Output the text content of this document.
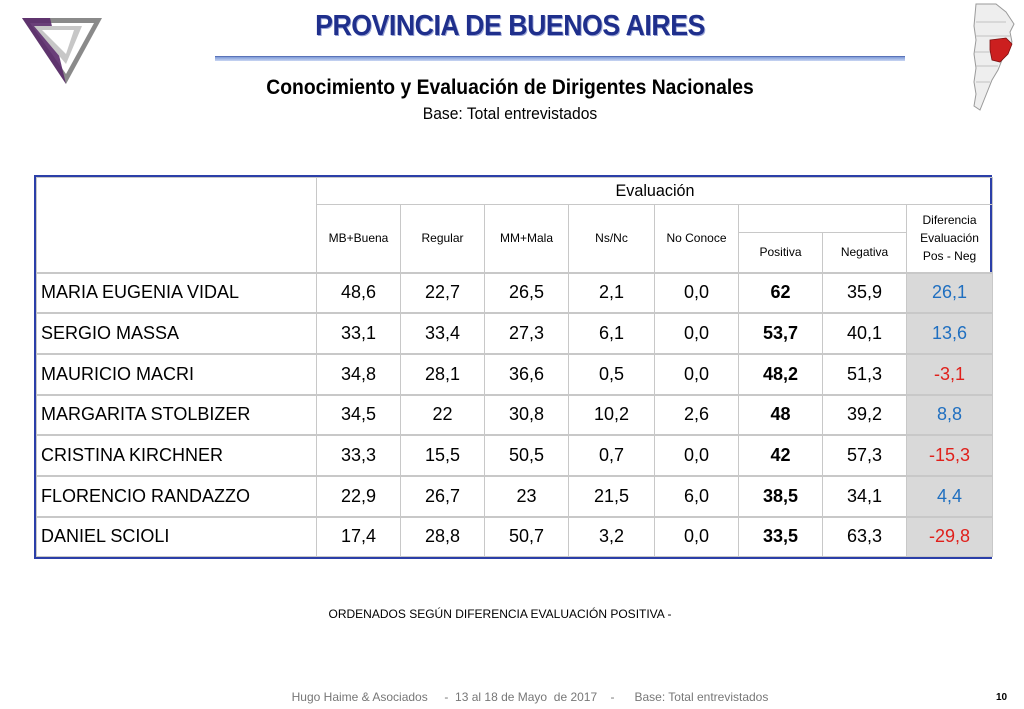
PROVINCIA DE BUENOS AIRES
Conocimiento y Evaluación de Dirigentes Nacionales
Base: Total entrevistados
	Evaluación							
	MB+Buena	Regular	MM+Mala	Ns/Nc	No Conoce			Diferencia
Evaluación
Pos - Neg
						Positiva	Negativa	
MARIA EUGENIA VIDAL	48,6	22,7	26,5	2,1	0,0	62	35,9	26,1
SERGIO MASSA	33,1	33,4	27,3	6,1	0,0	53,7	40,1	13,6
MAURICIO MACRI	34,8	28,1	36,6	0,5	0,0	48,2	51,3	-3,1
MARGARITA STOLBIZER	34,5	22	30,8	10,2	2,6	48	39,2	8,8
CRISTINA KIRCHNER	33,3	15,5	50,5	0,7	0,0	42	57,3	-15,3
FLORENCIO RANDAZZO	22,9	26,7	23	21,5	6,0	38,5	34,1	4,4
DANIEL SCIOLI	17,4	28,8	50,7	3,2	0,0	33,5	63,3	-29,8
ORDENADOS SEGÚN DIFERENCIA EVALUACIÓN POSITIVA -
Hugo Haime & Asociados     -  13 al 18 de Mayo  de 2017    -      Base: Total entrevistados	10
